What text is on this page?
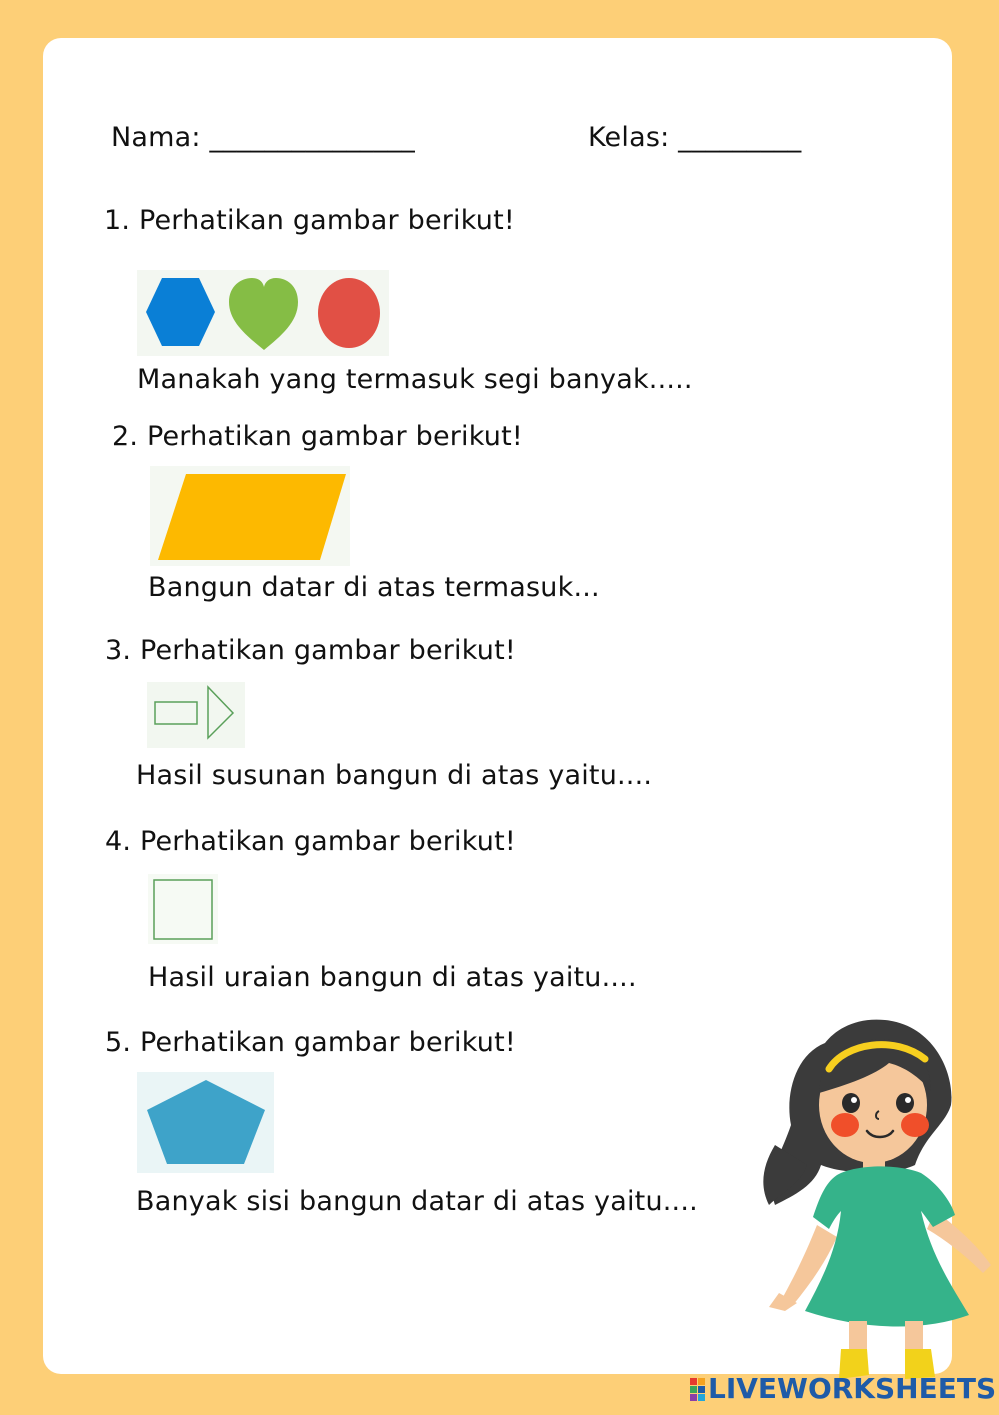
Nama: _______________	Kelas: _________
1. Perhatikan gambar berikut!
Manakah yang termasuk segi banyak.....
2. Perhatikan gambar berikut!
Bangun datar di atas termasuk...
3. Perhatikan gambar berikut!
Hasil susunan bangun di atas yaitu....
4. Perhatikan gambar berikut!
Hasil uraian bangun di atas yaitu....
5. Perhatikan gambar berikut!
Banyak sisi bangun datar di atas yaitu....
LIVEWORKSHEETS
